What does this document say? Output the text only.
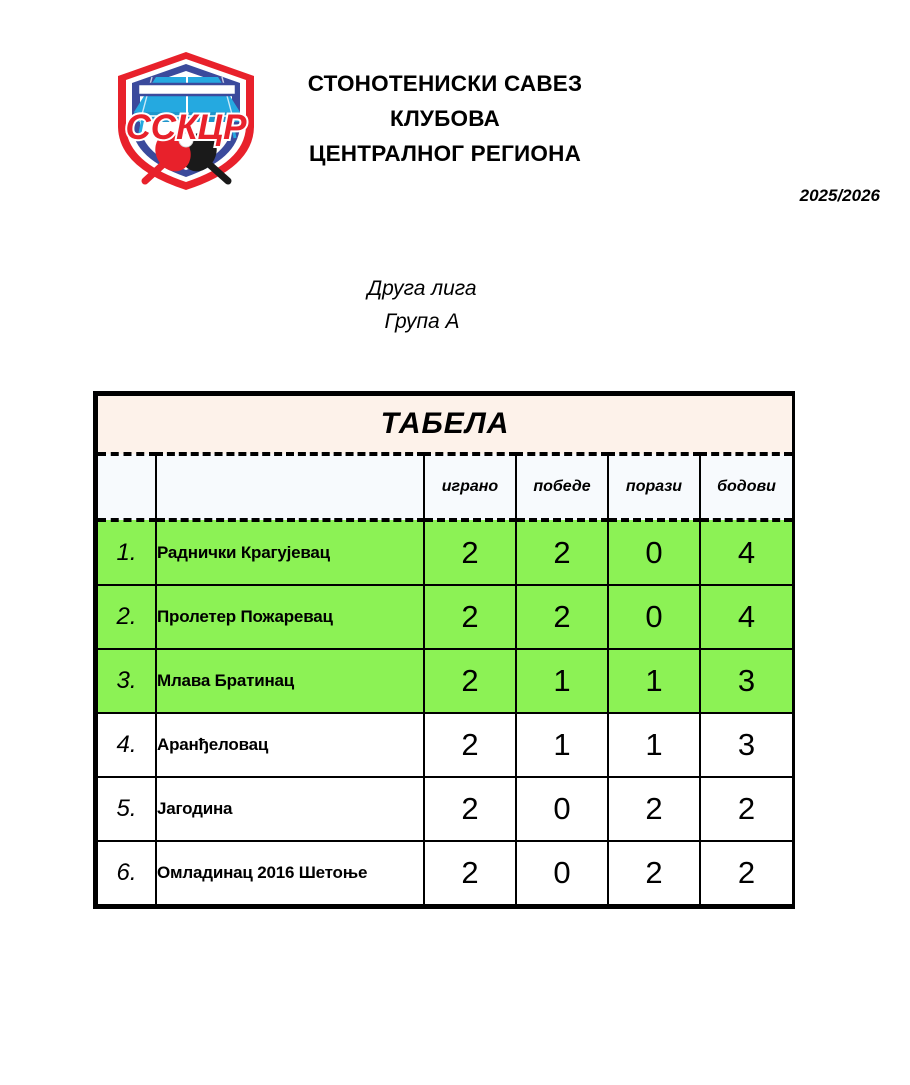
ССКЦР
СТОНОТЕНИСКИ САВЕЗ
КЛУБОВА
ЦЕНТРАЛНОГ РЕГИОНА
2025/2026
Друга лига
Група А
ТАБЕЛА					
		играно	победе	порази	бодови
1.	Раднички Крагујевац	2	2	0	4
2.	Пролетер Пожаревац	2	2	0	4
3.	Млава Братинац	2	1	1	3
4.	Аранђеловац	2	1	1	3
5.	Јагодина	2	0	2	2
6.	Омладинац 2016 Шетоње	2	0	2	2
